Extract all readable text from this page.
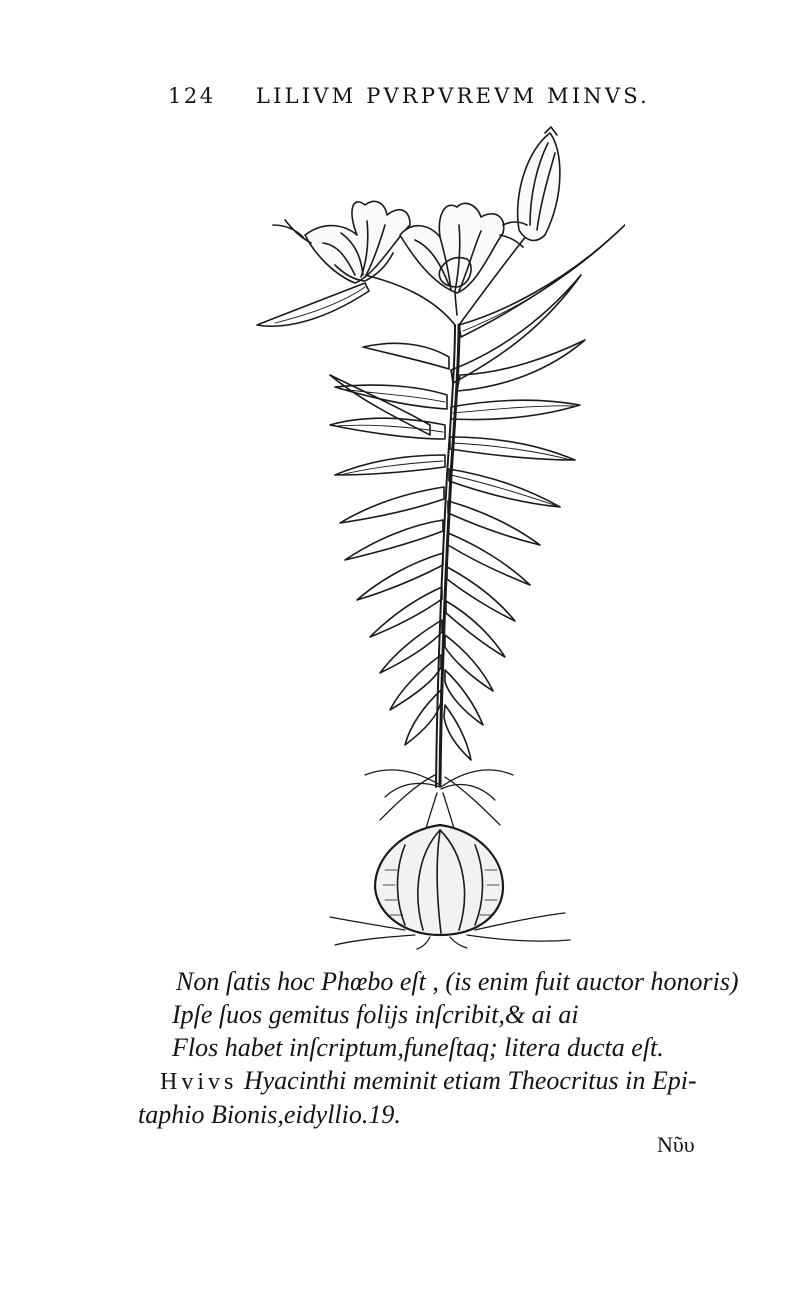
124 LILIVM PVRPVREVM MINVS.
Non ſatis hoc Phœbo eſt , (is enim fuit auctor honoris)
Ipſe ſuos gemitus folijs inſcribit,& ai ai
Flos habet inſcriptum,funeſtaq; litera ducta eſt.
Hvivs Hyacinthi meminit etiam Theocritus in Epi-
taphio Bionis,eidyllio.19.
Nῦυ
